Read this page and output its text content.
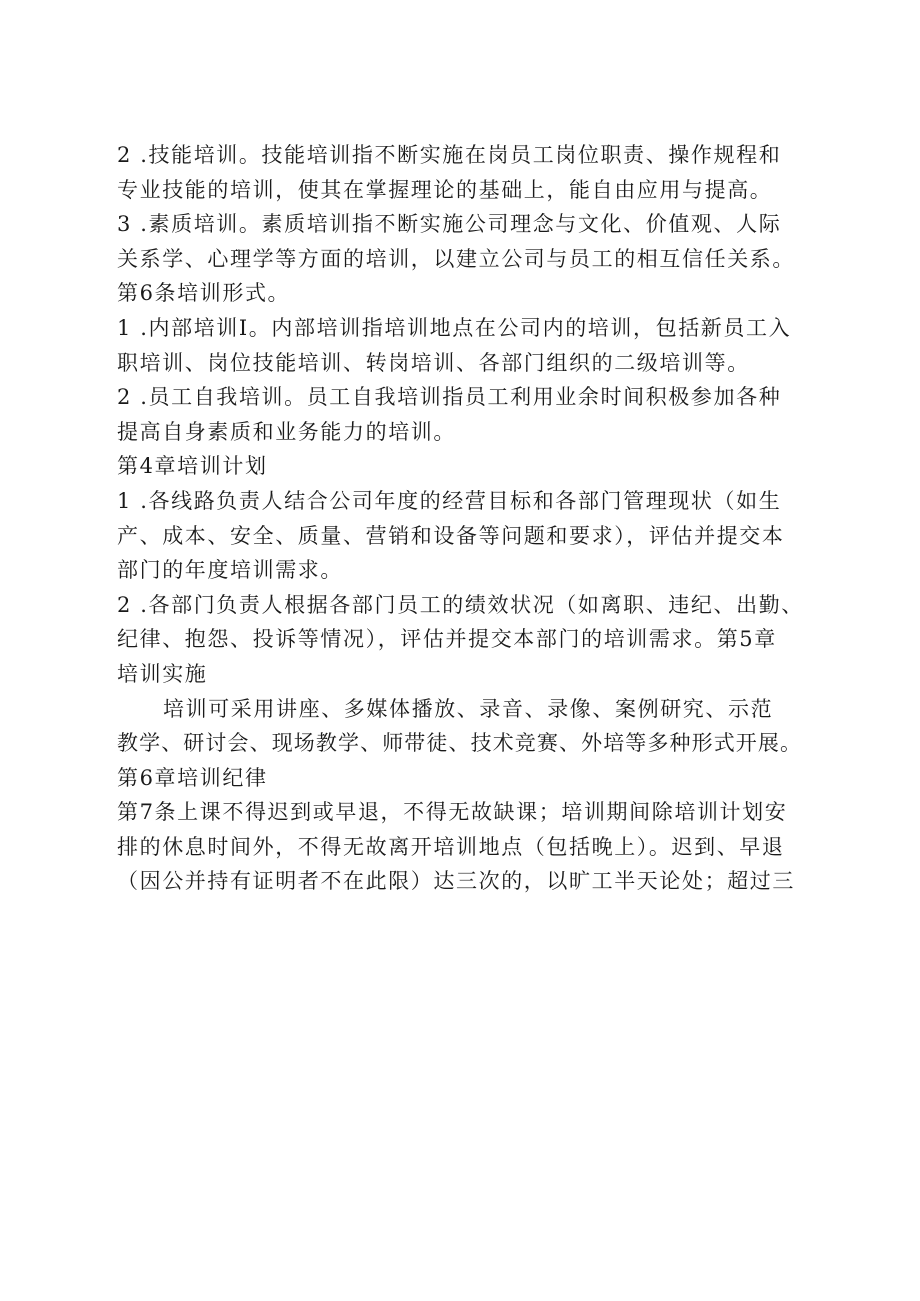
2 .技能培训。技能培训指不断实施在岗员工岗位职责、操作规程和

专业技能的培训，使其在掌握理论的基础上，能自由应用与提高。

3 .素质培训。素质培训指不断实施公司理念与文化、价值观、人际

关系学、心理学等方面的培训，以建立公司与员工的相互信任关系。

第6条培训形式。

1 .内部培训I。内部培训指培训地点在公司内的培训，包括新员工入

职培训、岗位技能培训、转岗培训、各部门组织的二级培训等。

2 .员工自我培训。员工自我培训指员工利用业余时间积极参加各种

提高自身素质和业务能力的培训。

第4章培训计划

1 .各线路负责人结合公司年度的经营目标和各部门管理现状（如生

产、成本、安全、质量、营销和设备等问题和要求），评估并提交本

部门的年度培训需求。

2 .各部门负责人根据各部门员工的绩效状况（如离职、违纪、出勤、

纪律、抱怨、投诉等情况），评估并提交本部门的培训需求。第5章

培训实施

培训可采用讲座、多媒体播放、录音、录像、案例研究、示范

教学、研讨会、现场教学、师带徒、技术竞赛、外培等多种形式开展。

第6章培训纪律

第7条上课不得迟到或早退，不得无故缺课；培训期间除培训计划安

排的休息时间外，不得无故离开培训地点（包括晚上）。迟到、早退

（因公并持有证明者不在此限）达三次的，以旷工半天论处；超过三
